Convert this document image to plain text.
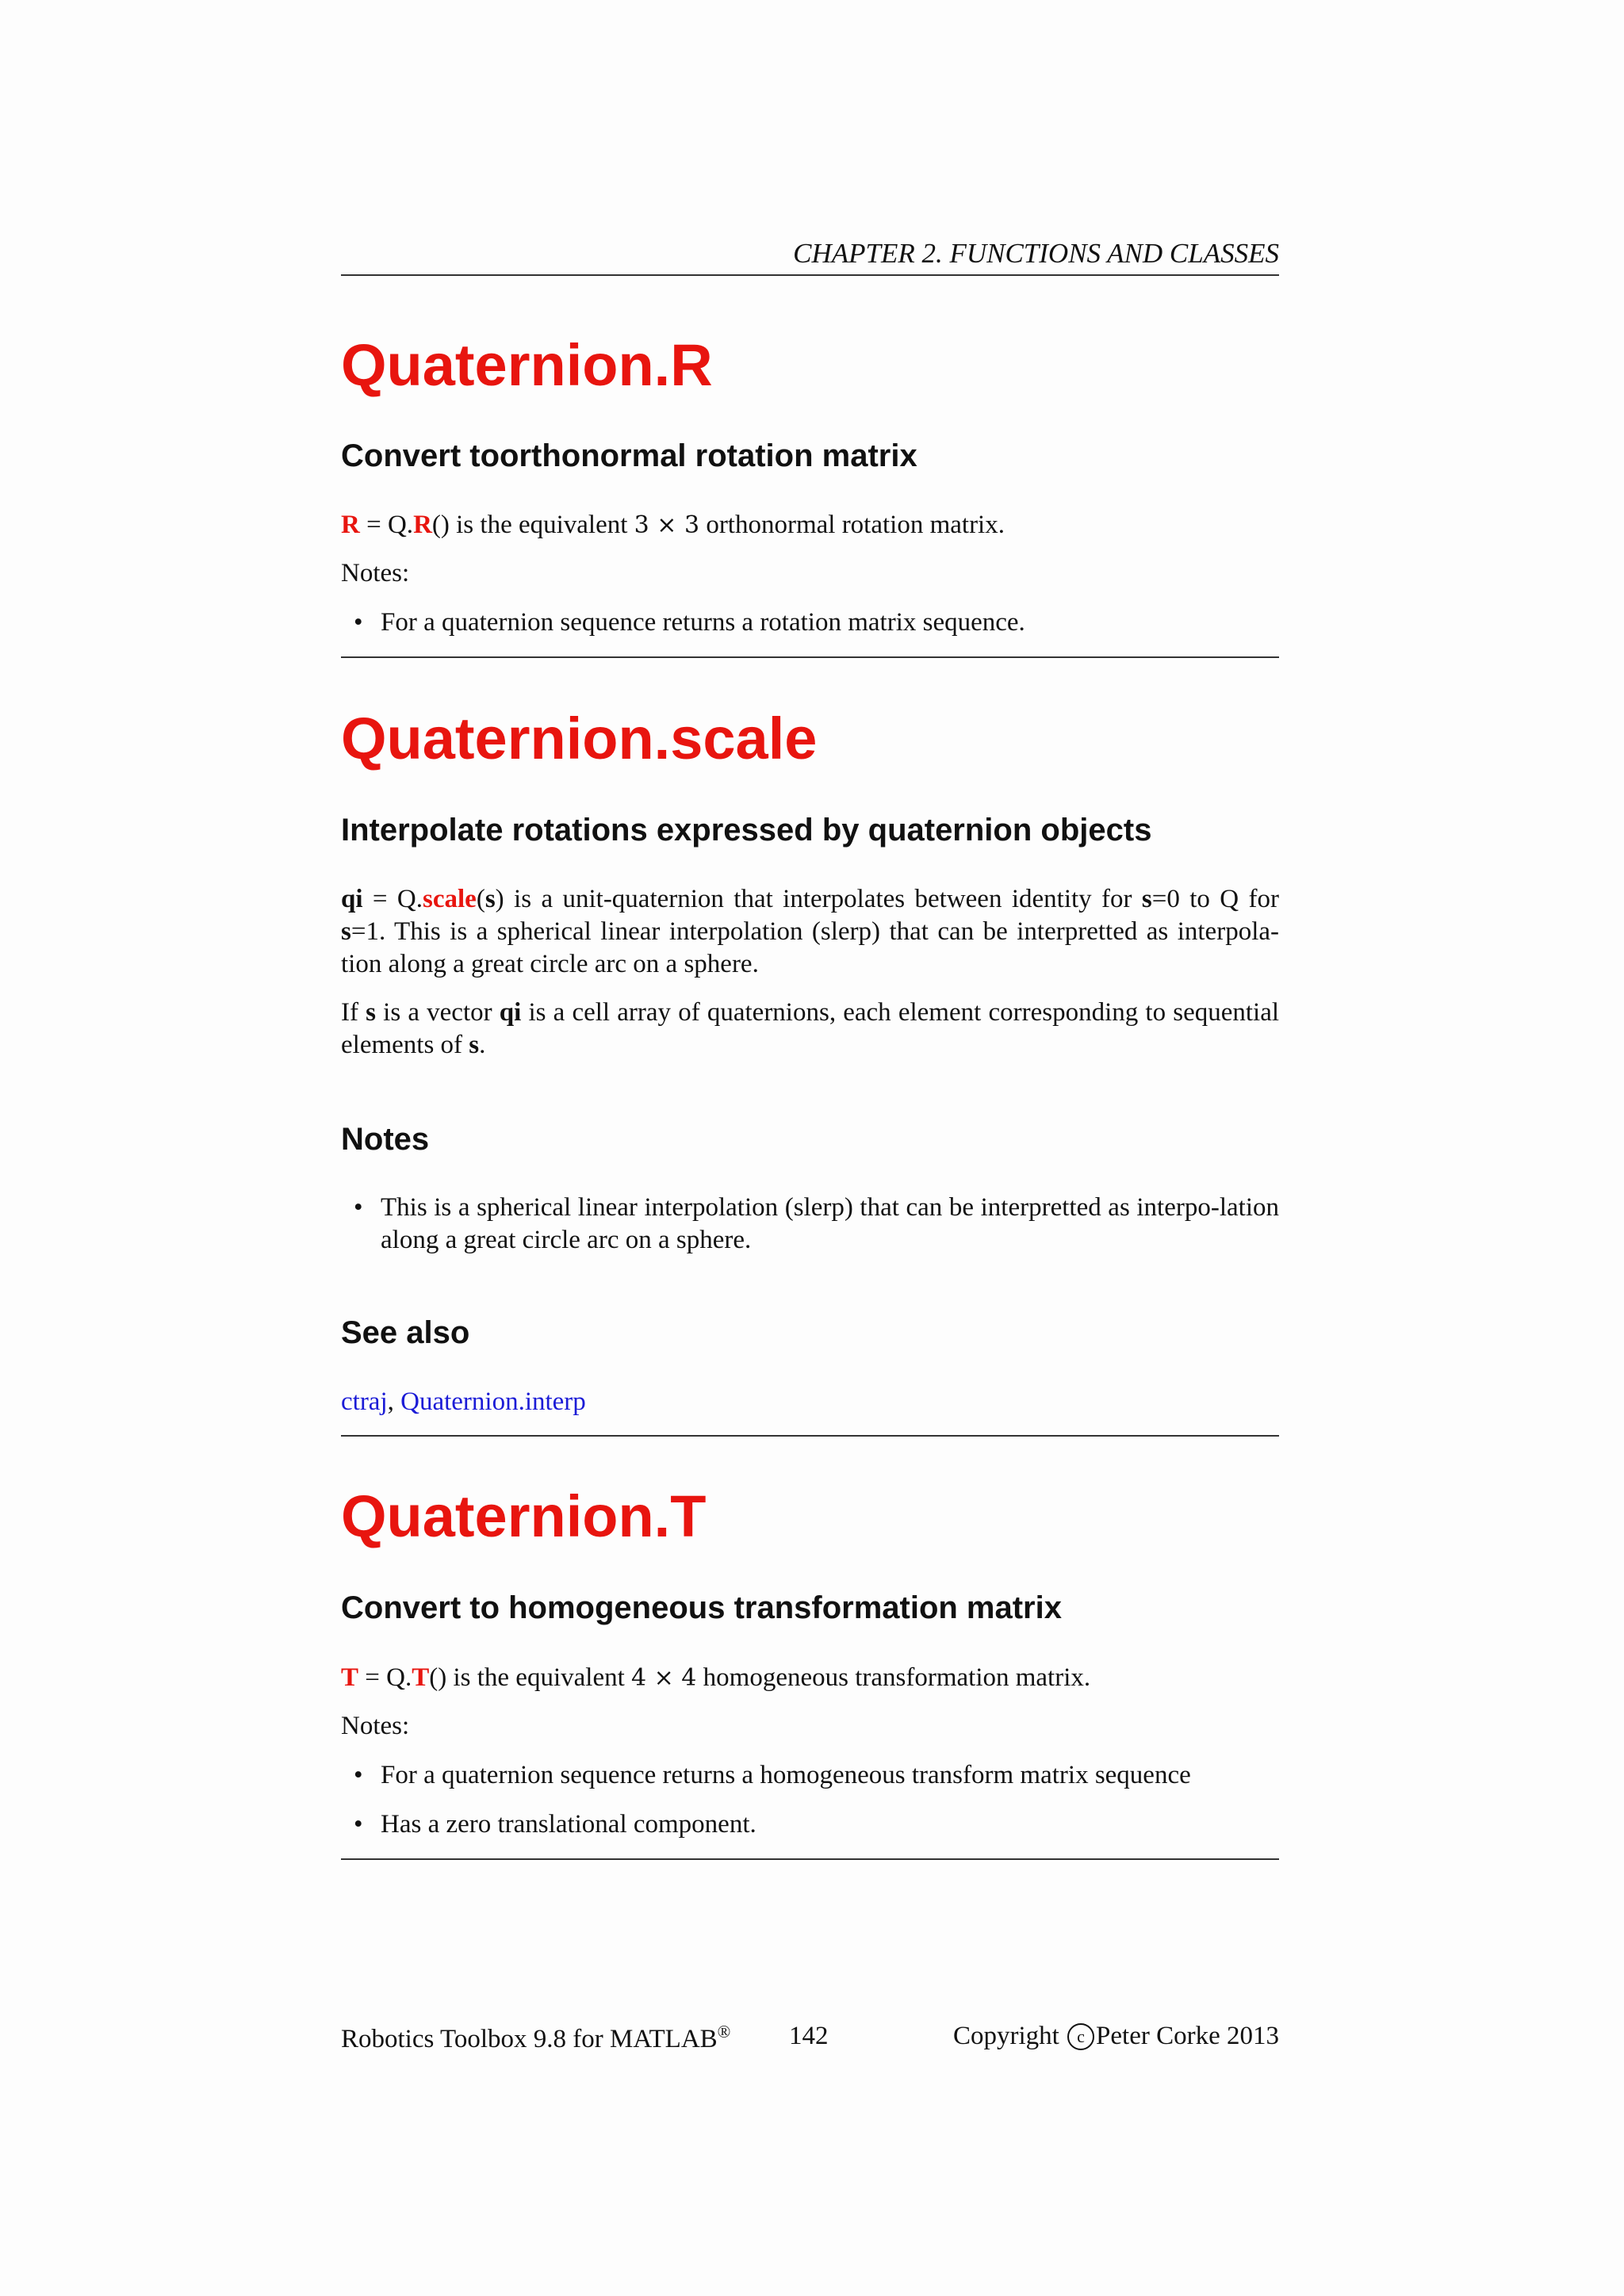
CHAPTER 2. FUNCTIONS AND CLASSES
Quaternion.R
Convert toorthonormal rotation matrix

R = Q.R() is the equivalent 3 × 3 orthonormal rotation matrix.

Notes:

• For a quaternion sequence returns a rotation matrix sequence.
Quaternion.scale
Interpolate rotations expressed by quaternion objects

qi = Q.scale(s) is a unit-quaternion that interpolates between identity for s=0 to Q for s=1. This is a spherical linear interpolation (slerp) that can be interpretted as interpola-tion along a great circle arc on a sphere.

If s is a vector qi is a cell array of quaternions, each element corresponding to sequential elements of s.

Notes
• This is a spherical linear interpolation (slerp) that can be interpretted as interpo-lation along a great circle arc on a sphere.
See also

ctraj, Quaternion.interp

Quaternion.T
Convert to homogeneous transformation matrix

T = Q.T() is the equivalent 4 × 4 homogeneous transformation matrix.

Notes:

• For a quaternion sequence returns a homogeneous transform matrix sequence
• Has a zero translational component.
Robotics Toolbox 9.8 for MATLAB® 142	Copyright c Peter Corke 2013
